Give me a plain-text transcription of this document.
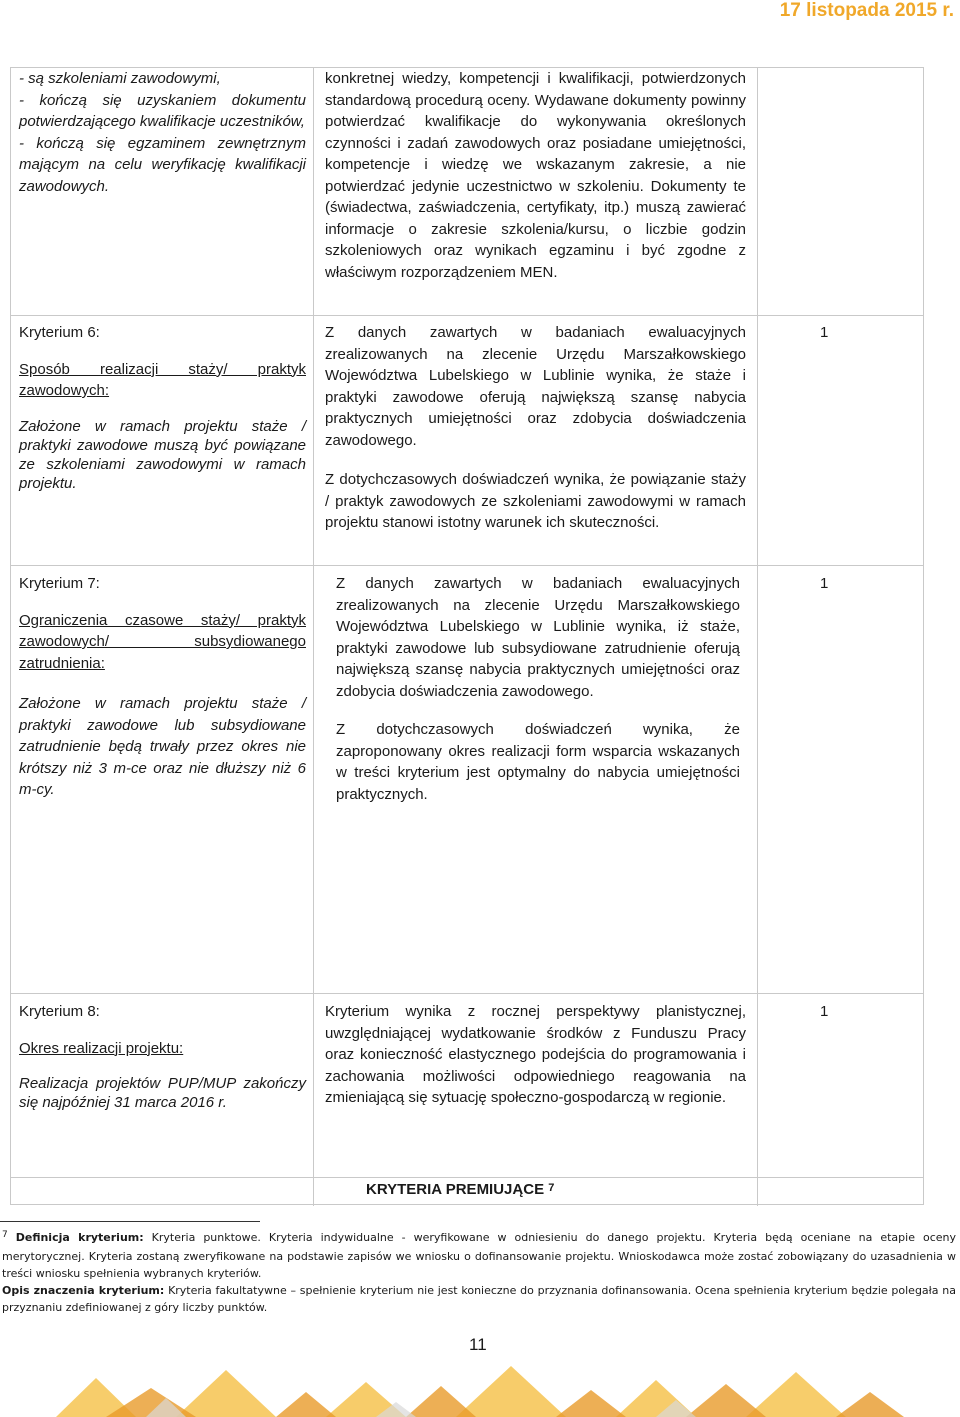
17 listopada 2015 r.
- są szkoleniami zawodowymi,
- kończą się uzyskaniem dokumentu potwierdzającego kwalifikacje uczestników,
- kończą się egzaminem zewnętrznym mającym na celu weryfikację kwalifikacji zawodowych.
konkretnej wiedzy, kompetencji i kwalifikacji, potwierdzonych standardową procedurą oceny. Wydawane dokumenty powinny potwierdzać kwalifikacje do wykonywania określonych czynności i zadań zawodowych oraz posiadane umiejętności, kompetencje i wiedzę we wskazanym zakresie, a nie potwierdzać jedynie uczestnictwo w szkoleniu. Dokumenty te (świadectwa, zaświadczenia, certyfikaty, itp.) muszą zawierać informacje o zakresie szkolenia/kursu, o liczbie godzin szkoleniowych oraz wynikach egzaminu i być zgodne z właściwym rozporządzeniem MEN.
Kryterium 6:
Sposób realizacji staży/ praktyk zawodowych:
Założone w ramach projektu staże / praktyki zawodowe muszą być powiązane ze szkoleniami zawodowymi w ramach projektu.
Z danych zawartych w badaniach ewaluacyjnych zrealizowanych na zlecenie Urzędu Marszałkowskiego Województwa Lubelskiego w Lublinie wynika, że staże i praktyki zawodowe oferują największą szansę nabycia praktycznych umiejętności oraz zdobycia doświadczenia zawodowego.
Z dotychczasowych doświadczeń wynika, że powiązanie staży / praktyk zawodowych ze szkoleniami zawodowymi w ramach projektu stanowi istotny warunek ich skuteczności.
1
Kryterium 7:
Ograniczenia czasowe staży/ praktyk zawodowych/ subsydiowanego zatrudnienia:
Założone w ramach projektu staże / praktyki zawodowe lub subsydiowane zatrudnienie będą trwały przez okres nie krótszy niż 3 m-ce oraz nie dłuższy niż 6 m-cy.
Z danych zawartych w badaniach ewaluacyjnych zrealizowanych na zlecenie Urzędu Marszałkowskiego Województwa Lubelskiego w Lublinie wynika, iż staże, praktyki zawodowe lub subsydiowane zatrudnienie oferują największą szansę nabycia praktycznych umiejętności oraz zdobycia doświadczenia zawodowego.
Z dotychczasowych doświadczeń wynika, że zaproponowany okres realizacji form wsparcia wskazanych w treści kryterium jest optymalny do nabycia umiejętności praktycznych.
1
Kryterium 8:
Okres realizacji projektu:
Realizacja projektów PUP/MUP zakończy się najpóźniej 31 marca 2016 r.
Kryterium wynika z rocznej perspektywy planistycznej, uwzględniającej wydatkowanie środków z Funduszu Pracy oraz konieczność elastycznego podejścia do programowania i zachowania możliwości odpowiedniego reagowania na zmieniającą się sytuację społeczno-gospodarczą w regionie.
1
KRYTERIA PREMIUJĄCE $^7$
$^7$ Definicja kryterium: Kryteria punktowe. Kryteria indywidualne - weryfikowane w odniesieniu do danego projektu. Kryteria będą oceniane na etapie oceny merytorycznej. Kryteria zostaną zweryfikowane na podstawie zapisów we wniosku o dofinansowanie projektu. Wnioskodawca może zostać zobowiązany do uzasadnienia w treści wniosku spełnienia wybranych kryteriów.
Opis znaczenia kryterium: Kryteria fakultatywne – spełnienie kryterium nie jest konieczne do przyznania dofinansowania. Ocena spełnienia kryterium będzie polegała na przyznaniu zdefiniowanej z góry liczby punktów.
11
